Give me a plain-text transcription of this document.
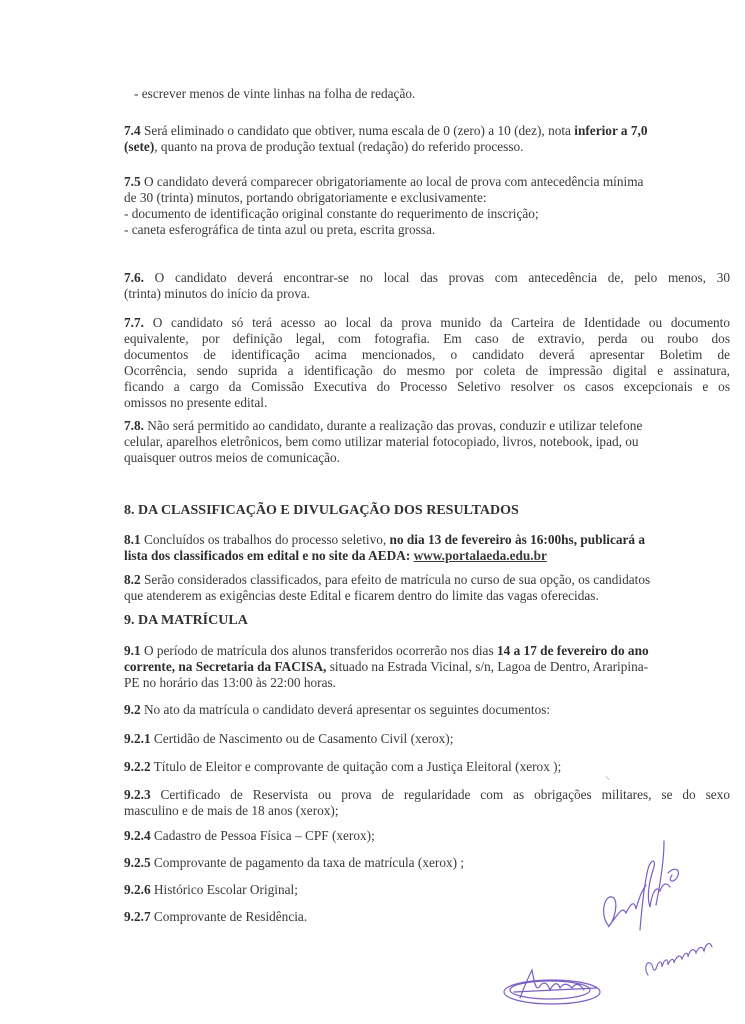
- escrever menos de vinte linhas na folha de redação.
7.4 Será eliminado o candidato que obtiver, numa escala de 0 (zero) a 10 (dez), nota inferior a 7,0
(sete), quanto na prova de produção textual (redação) do referido processo.
7.5 O candidato deverá comparecer obrigatoriamente ao local de prova com antecedência mínima
de 30 (trinta) minutos, portando obrigatoriamente e exclusivamente:
- documento de identificação original constante do requerimento de inscrição;
- caneta esferográfica de tinta azul ou preta, escrita grossa.
7.6. O candidato deverá encontrar-se no local das provas com antecedência de, pelo menos, 30
(trinta) minutos do início da prova.
7.7. O candidato só terá acesso ao local da prova munido da Carteira de Identidade ou documento
equivalente, por definição legal, com fotografia. Em caso de extravio, perda ou roubo dos
documentos de identificação acima mencionados, o candidato deverá apresentar Boletim de
Ocorrência, sendo suprida a identificação do mesmo por coleta de impressão digital e assinatura,
ficando a cargo da Comissão Executiva do Processo Seletivo resolver os casos excepcionais e os
omissos no presente edital.
7.8. Não será permitido ao candidato, durante a realização das provas, conduzir e utilizar telefone
celular, aparelhos eletrônicos, bem como utilizar material fotocopiado, livros, notebook, ipad, ou
quaisquer outros meios de comunicação.
8. DA CLASSIFICAÇÃO E DIVULGAÇÃO DOS RESULTADOS
8.1 Concluídos os trabalhos do processo seletivo, no dia 13 de fevereiro às 16:00hs, publicará a
lista dos classificados em edital e no site da AEDA: www.portalaeda.edu.br
8.2 Serão considerados classificados, para efeito de matrícula no curso de sua opção, os candidatos
que atenderem as exigências deste Edital e ficarem dentro do limite das vagas oferecidas.
9. DA MATRÍCULA
9.1 O período de matrícula dos alunos transferidos ocorrerão nos dias 14 a 17 de fevereiro do ano
corrente, na Secretaria da FACISA, situado na Estrada Vicinal, s/n, Lagoa de Dentro, Araripina-
PE no horário das 13:00 às 22:00 horas.
9.2 No ato da matrícula o candidato deverá apresentar os seguintes documentos:
9.2.1 Certidão de Nascimento ou de Casamento Civil (xerox);
9.2.2 Título de Eleitor e comprovante de quitação com a Justiça Eleitoral (xerox );
⸜
9.2.3 Certificado de Reservista ou prova de regularidade com as obrigações militares, se do sexo
masculino e de mais de 18 anos (xerox);
9.2.4 Cadastro de Pessoa Física – CPF (xerox);
9.2.5 Comprovante de pagamento da taxa de matrícula (xerox) ;
9.2.6 Histórico Escolar Original;
9.2.7 Comprovante de Residência.
